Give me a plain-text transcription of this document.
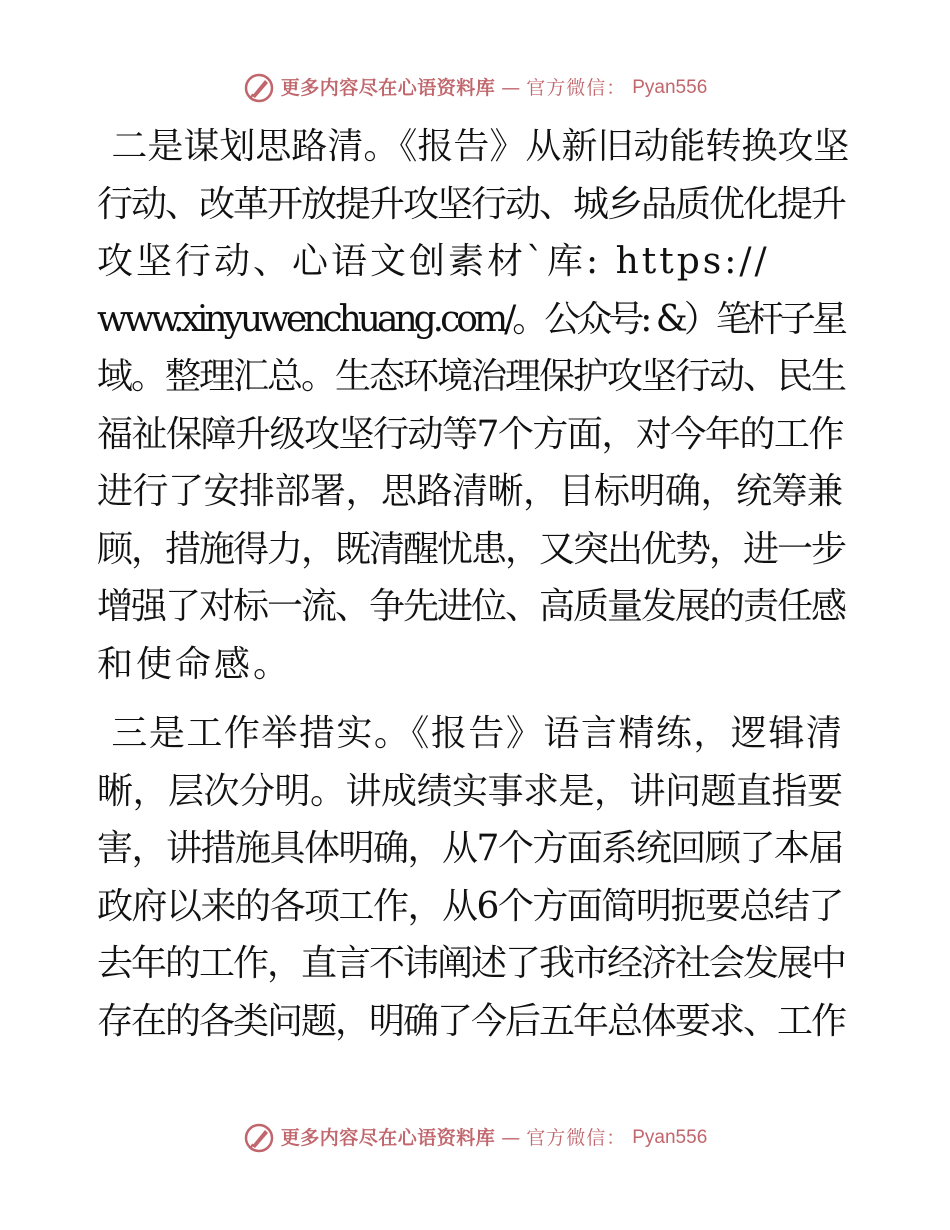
更多内容尽在心语资料库 — 官方微信： Pyan556

二是谋划思路清。《报告》从新旧动能转换攻坚
行动、改革开放提升攻坚行动、城乡品质优化提升
攻坚行动、心语文创素材`库: https://
www.xinyuwenchuang.com/。公众号: &）笔杆子星
域。整理汇总。生态环境治理保护攻坚行动、民生
福祉保障升级攻坚行动等7个方面，对今年的工作
进行了安排部署，思路清晰，目标明确，统筹兼
顾，措施得力，既清醒忧患，又突出优势，进一步
增强了对标一流、争先进位、高质量发展的责任感
和使命感。

三是工作举措实。《报告》语言精练，逻辑清
晰，层次分明。讲成绩实事求是，讲问题直指要
害，讲措施具体明确，从7个方面系统回顾了本届
政府以来的各项工作，从6个方面简明扼要总结了
去年的工作，直言不讳阐述了我市经济社会发展中
存在的各类问题，明确了今后五年总体要求、工作

更多内容尽在心语资料库 — 官方微信： Pyan556
